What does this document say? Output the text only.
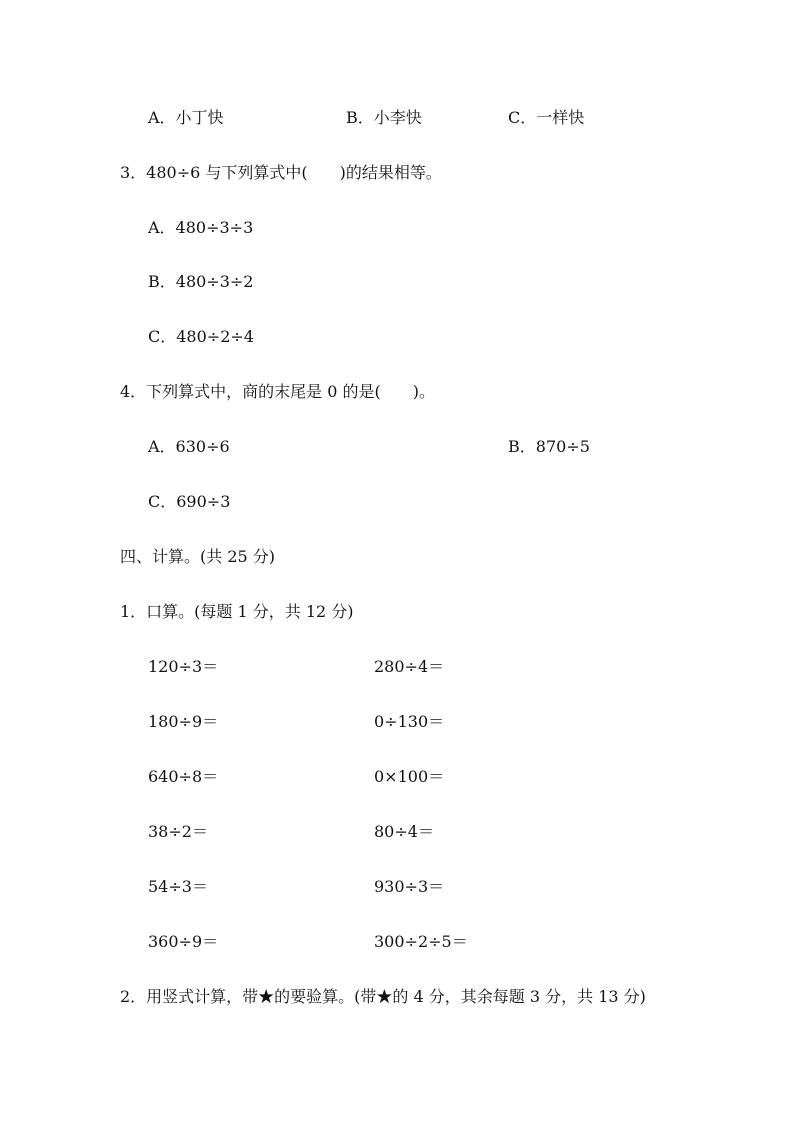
A．小丁快	B．小李快	C．一样快
3．480÷6 与下列算式中(　　)的结果相等。
A．480÷3÷3
B．480÷3÷2
C．480÷2÷4
4．下列算式中，商的末尾是 0 的是(　　)。
A．630÷6	B．870÷5
C．690÷3
四、计算。(共 25 分)
1．口算。(每题 1 分，共 12 分)
120÷3＝	280÷4＝
180÷9＝	0÷130＝
640÷8＝	0×100＝
38÷2＝	80÷4＝
54÷3＝	930÷3＝
360÷9＝	300÷2÷5＝
2．用竖式计算，带★的要验算。(带★的 4 分，其余每题 3 分，共 13 分)
